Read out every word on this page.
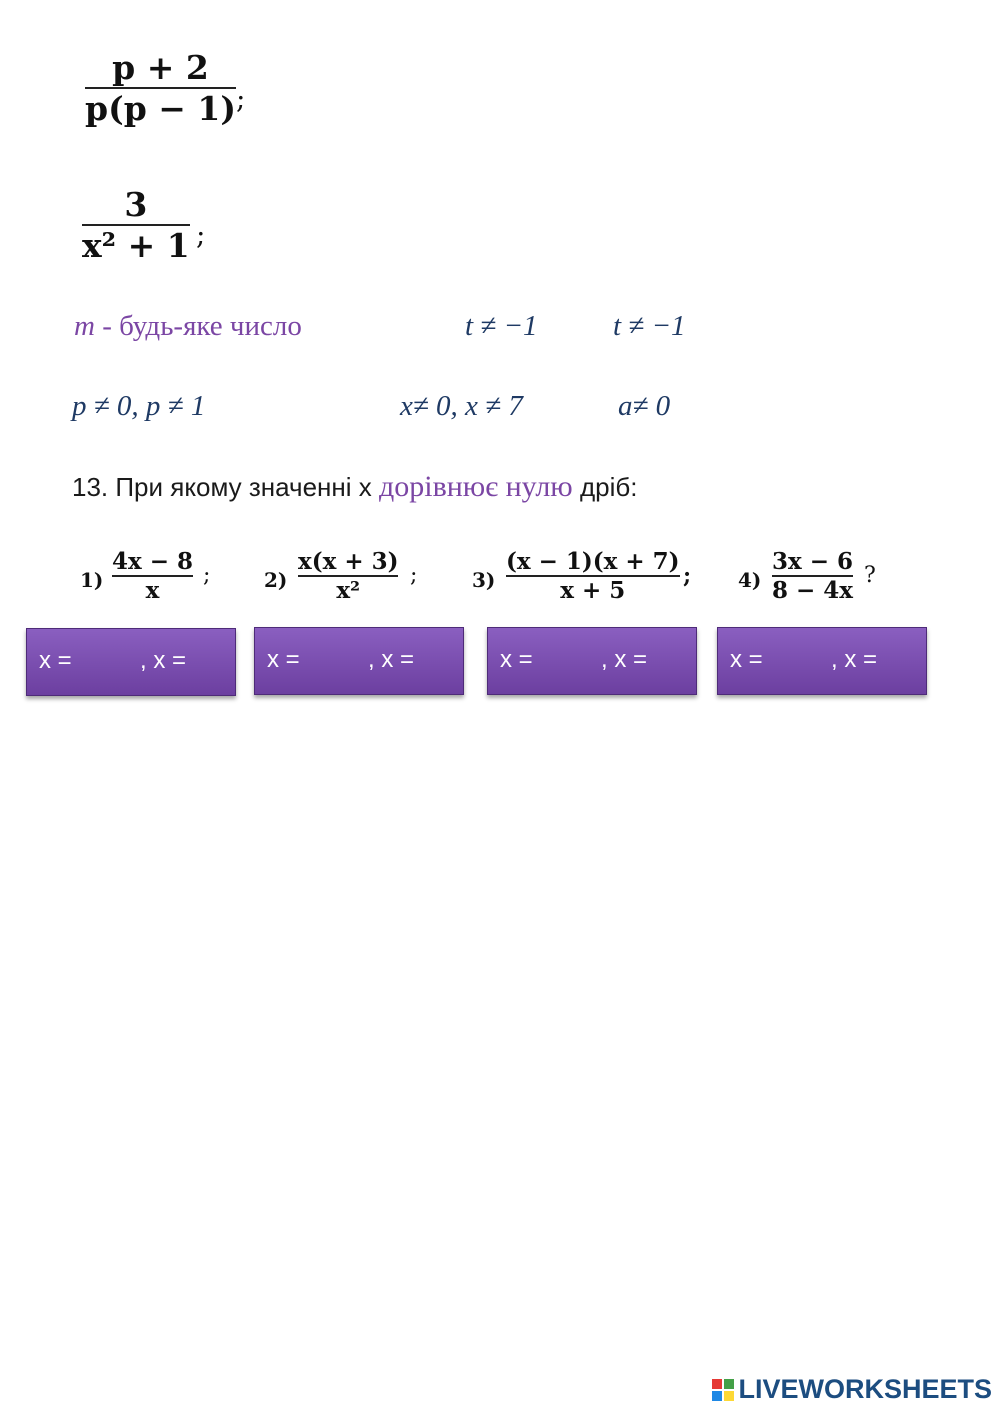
p + 2
p(p − 1) ;
3
x² + 1 ;
m - будь-яке число	t ≠ −1	t ≠ −1
p ≠ 0, p ≠ 1	x≠ 0, x ≠ 7	a≠ 0
13. При якому значенні х дорівнює нулю дріб:
1)
4x − 8
x
;	2)
x(x + 3)
x²
;	3)
(x − 1)(x + 7)
x + 5
; 4)
3x − 6
8 − 4x
?
x =	, x =	x =	, x =	x =	, x =	x =	, x =
LIVEWORKSHEETS
